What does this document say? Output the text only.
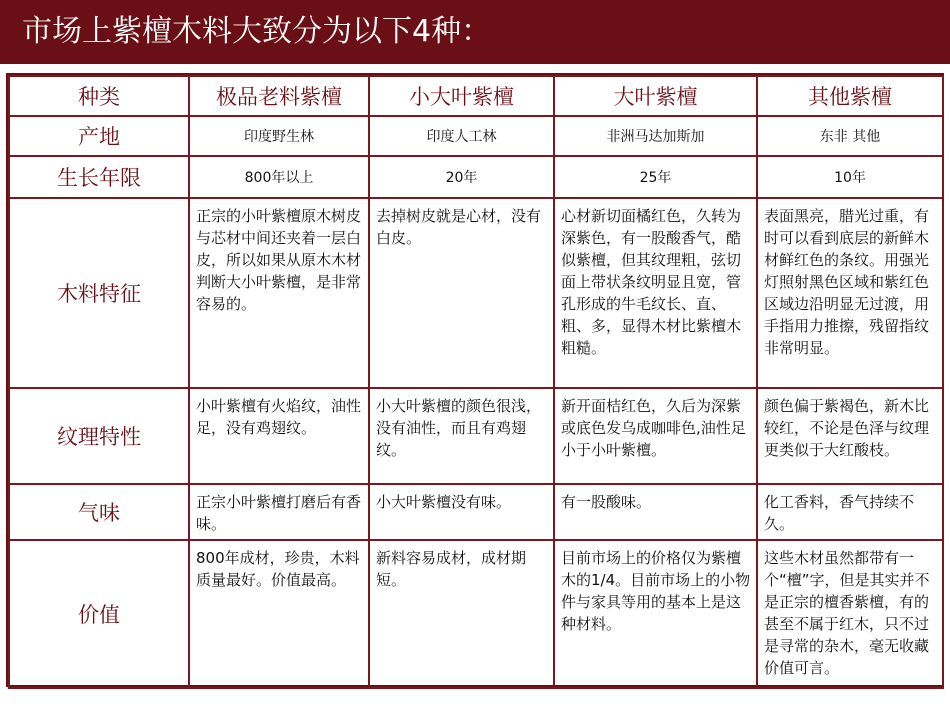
市场上紫檀木料大致分为以下4种：
种类	极品老料紫檀	小大叶紫檀	大叶紫檀	其他紫檀
产地	印度野生林	印度人工林	非洲马达加斯加	东非 其他
生长年限	800年以上	20年	25年	10年
木料特征	正宗的小叶紫檀原木树皮与芯材中间还夹着一层白皮，所以如果从原木木材判断大小叶紫檀，是非常容易的。	去掉树皮就是心材，没有白皮。	心材新切面橘红色，久转为深紫色，有一股酸香气，酷似紫檀，但其纹理粗，弦切面上带状条纹明显且宽，管孔形成的牛毛纹长、直、粗、多，显得木材比紫檀木粗糙。	表面黑亮，腊光过重，有时可以看到底层的新鲜木材鲜红色的条纹。用强光灯照射黑色区域和紫红色区域边沿明显无过渡，用手指用力推擦，残留指纹非常明显。
纹理特性	小叶紫檀有火焰纹，油性足，没有鸡翅纹。	小大叶紫檀的颜色很浅，没有油性，而且有鸡翅纹。	新开面桔红色，久后为深紫或底色发乌成咖啡色,油性足小于小叶紫檀。	颜色偏于紫褐色，新木比较红，不论是色泽与纹理更类似于大红酸枝。
气味	正宗小叶紫檀打磨后有香味。	小大叶紫檀没有味。	有一股酸味。	化工香料，香气持续不久。
价值	800年成材，珍贵，木料质量最好。价值最高。	新料容易成材，成材期短。	目前市场上的价格仅为紫檀木的1/4。目前市场上的小物件与家具等用的基本上是这种材料。	这些木材虽然都带有一个“檀”字，但是其实并不是正宗的檀香紫檀，有的甚至不属于红木，只不过是寻常的杂木，毫无收藏价值可言。
